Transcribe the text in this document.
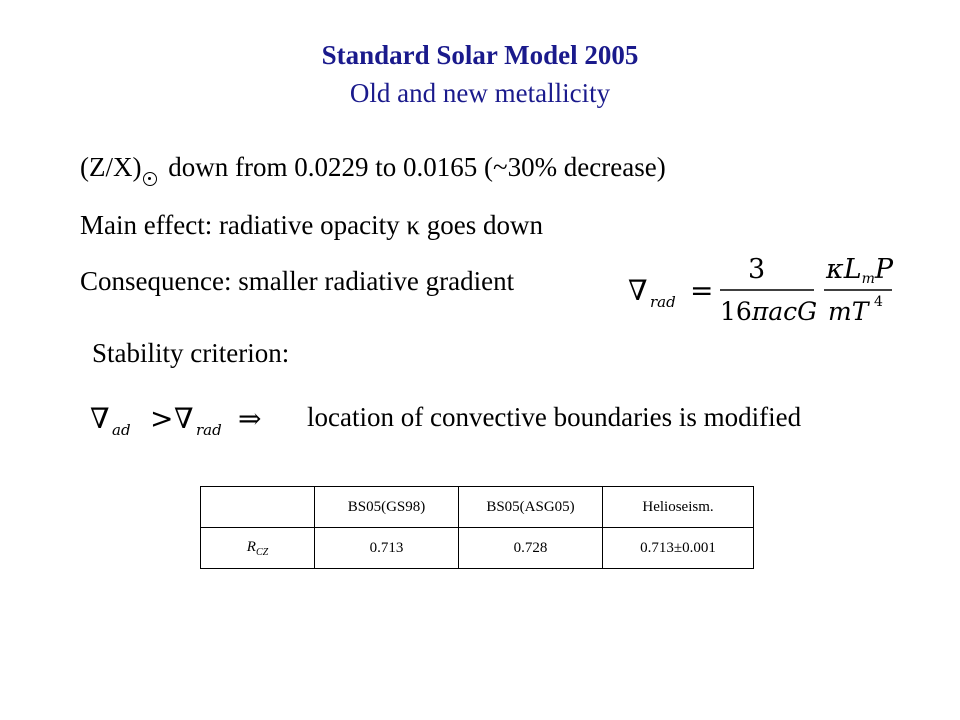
Standard Solar Model 2005
Old and new metallicity
(Z/X) down from 0.0229 to 0.0165 (~30% decrease)
Main effect: radiative opacity κ goes down
Consequence: smaller radiative gradient	∇ rad =
3
16πacG
κLmP
mT 4
Stability criterion:
∇ ad > ∇ rad ⇒ location of convective boundaries is modified
	BS05(GS98)	BS05(ASG05)	Helioseism.
$R_{CZ}$	0.713	0.728	0.713±0.001
